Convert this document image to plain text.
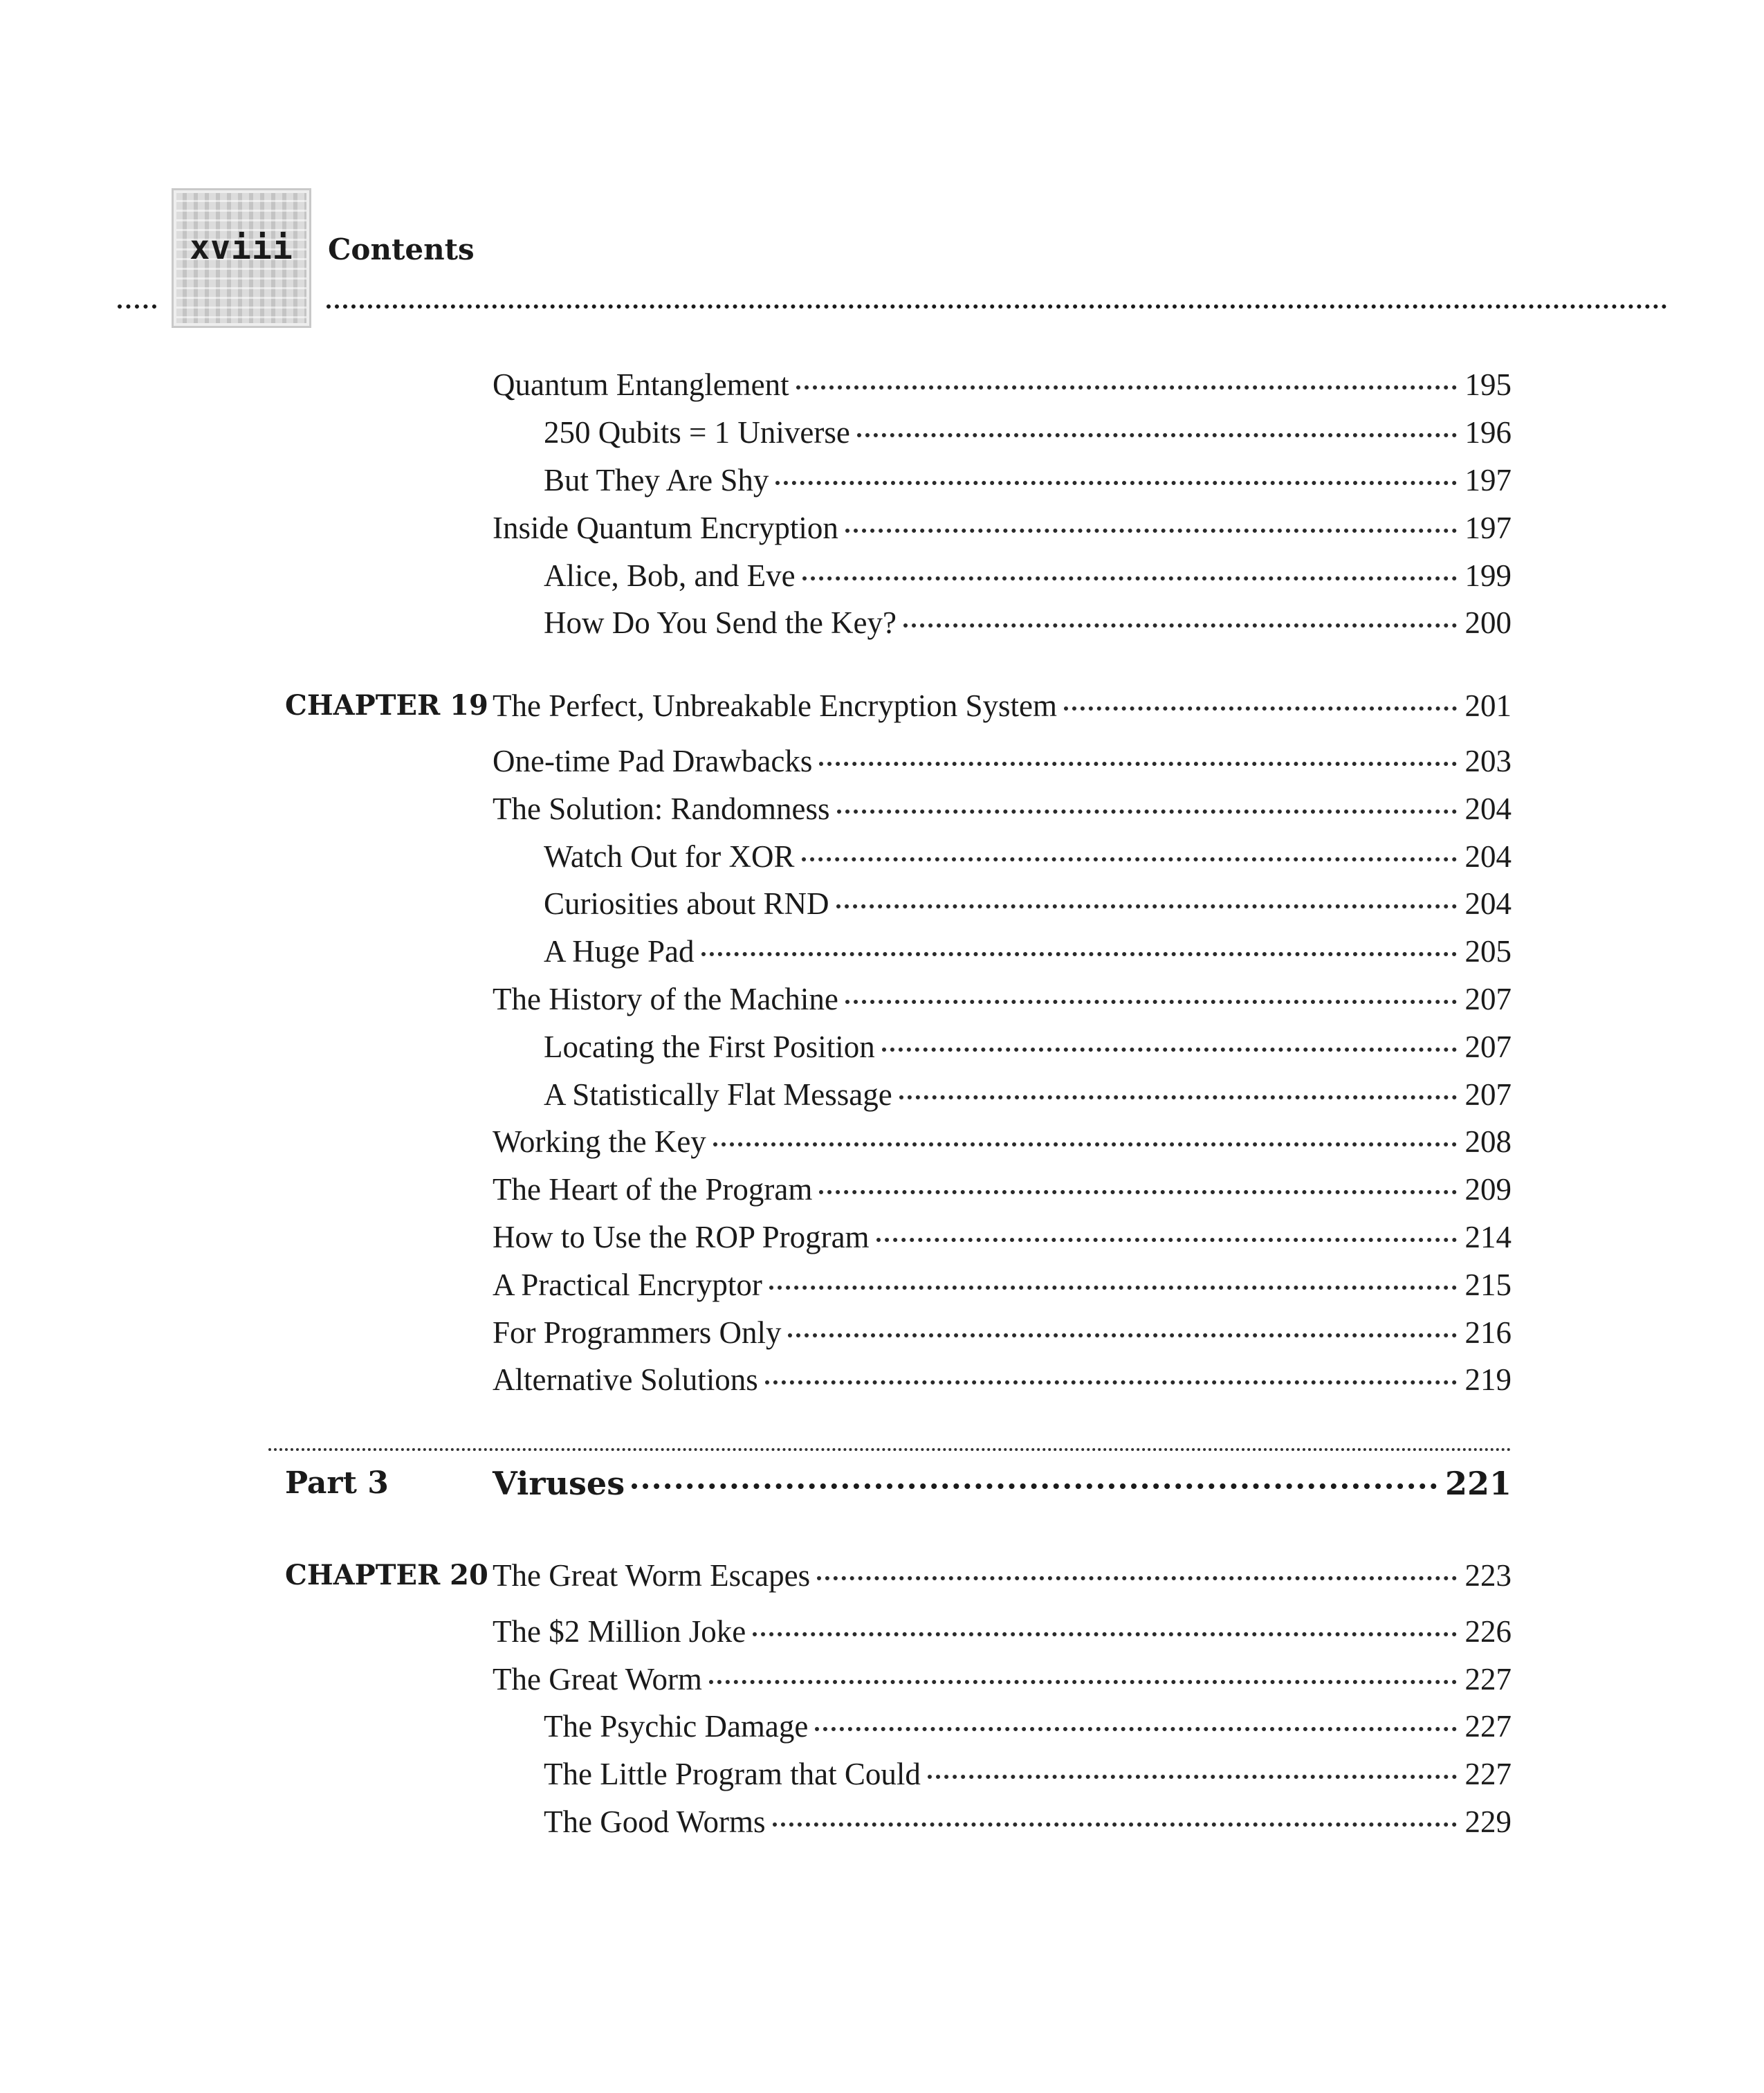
xviii	Contents
Quantum Entanglement	195
250 Qubits = 1 Universe	196
But They Are Shy	197
Inside Quantum Encryption	197
Alice, Bob, and Eve	199
How Do You Send the Key?	200
CHAPTER 19 The Perfect, Unbreakable Encryption System	201
One-time Pad Drawbacks	203
The Solution: Randomness	204
Watch Out for XOR	204
Curiosities about RND	204
A Huge Pad	205
The History of the Machine	207
Locating the First Position	207
A Statistically Flat Message	207
Working the Key	208
The Heart of the Program	209
How to Use the ROP Program	214
A Practical Encryptor	215
For Programmers Only	216
Alternative Solutions	219
Part 3	Viruses	221
CHAPTER 20 The Great Worm Escapes	223
The $2 Million Joke	226
The Great Worm	227
The Psychic Damage	227
The Little Program that Could	227
The Good Worms	229
